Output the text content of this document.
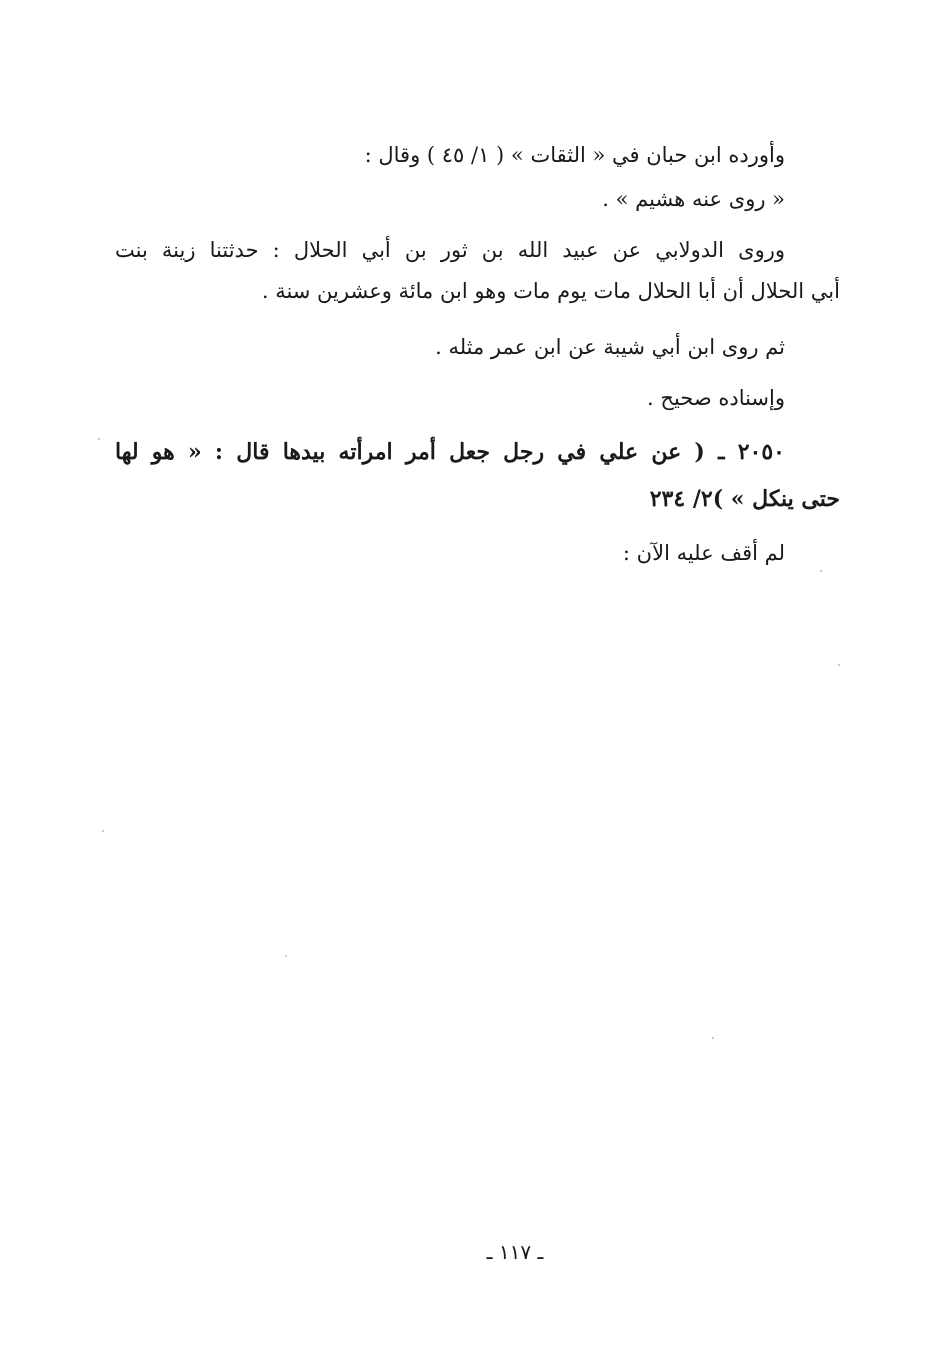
وأورده ابن حبان في « الثقات » ( ١/ ٤٥ ) وقال :
« روى عنه هشيم » .
وروى الدولابي عن عبيد الله بن ثور بن أبي الحلال : حدثتنا زينة بنت
أبي الحلال أن أبا الحلال مات يوم مات وهو ابن مائة وعشرين سنة .
ثم روى ابن أبي شيبة عن ابن عمر مثله .
وإسناده صحيح .
٢٠٥٠ ـ ( عن علي في رجل جعل أمر امرأته بيدها قال : « هو لها
حتى ينكل » )٢/ ٢٣٤
لم أقف عليه الآن :
ـ ١١٧ ـ
